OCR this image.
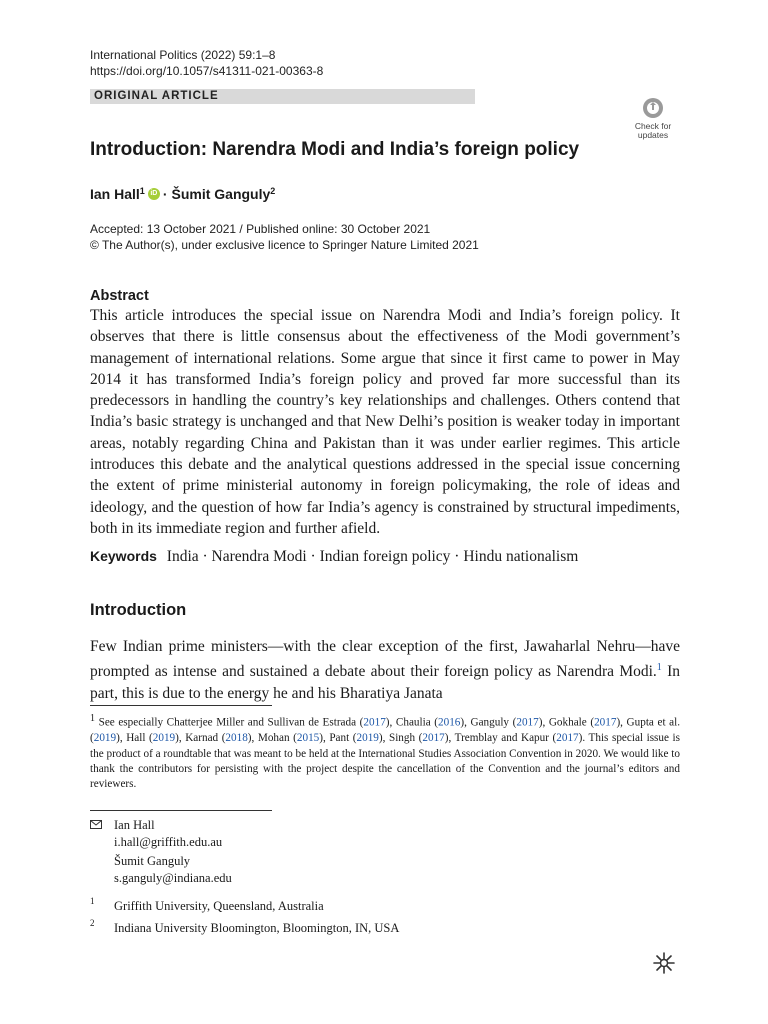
International Politics (2022) 59:1–8
https://doi.org/10.1057/s41311-021-00363-8
ORIGINAL ARTICLE
Check for
updates
Introduction: Narendra Modi and India’s foreign policy
Ian Hall$^1$ iD · Šumit Ganguly$^2$
Accepted: 13 October 2021 / Published online: 30 October 2021
© The Author(s), under exclusive licence to Springer Nature Limited 2021
Abstract
This article introduces the special issue on Narendra Modi and India’s foreign policy. It observes that there is little consensus about the effectiveness of the Modi government’s management of international relations. Some argue that since it first came to power in May 2014 it has transformed India’s foreign policy and proved far more successful than its predecessors in handling the country’s key relationships and challenges. Others contend that India’s basic strategy is unchanged and that New Delhi’s position is weaker today in important areas, notably regarding China and Pakistan than it was under earlier regimes. This article introduces this debate and the analytical questions addressed in the special issue concerning the extent of prime ministerial autonomy in foreign policymaking, the role of ideas and ideology, and the question of how far India’s agency is constrained by structural impediments, both in its immediate region and further afield.
Keywords India · Narendra Modi · Indian foreign policy · Hindu nationalism
Introduction
Few Indian prime ministers—with the clear exception of the first, Jawaharlal Nehru—have prompted as intense and sustained a debate about their foreign policy as Narendra Modi.$^1$ In part, this is due to the energy he and his Bharatiya Janata
$^1$ See especially Chatterjee Miller and Sullivan de Estrada (2017), Chaulia (2016), Ganguly (2017), Gokhale (2017), Gupta et al. (2019), Hall (2019), Karnad (2018), Mohan (2015), Pant (2019), Singh (2017), Tremblay and Kapur (2017). This special issue is the product of a roundtable that was meant to be held at the International Studies Association Convention in 2020. We would like to thank the contributors for persisting with the project despite the cancellation of the Convention and the journal’s editors and reviewers.
Ian Hall
i.hall@griffith.edu.au
Šumit Ganguly
s.ganguly@indiana.edu
1 Griffith University, Queensland, Australia
2 Indiana University Bloomington, Bloomington, IN, USA
